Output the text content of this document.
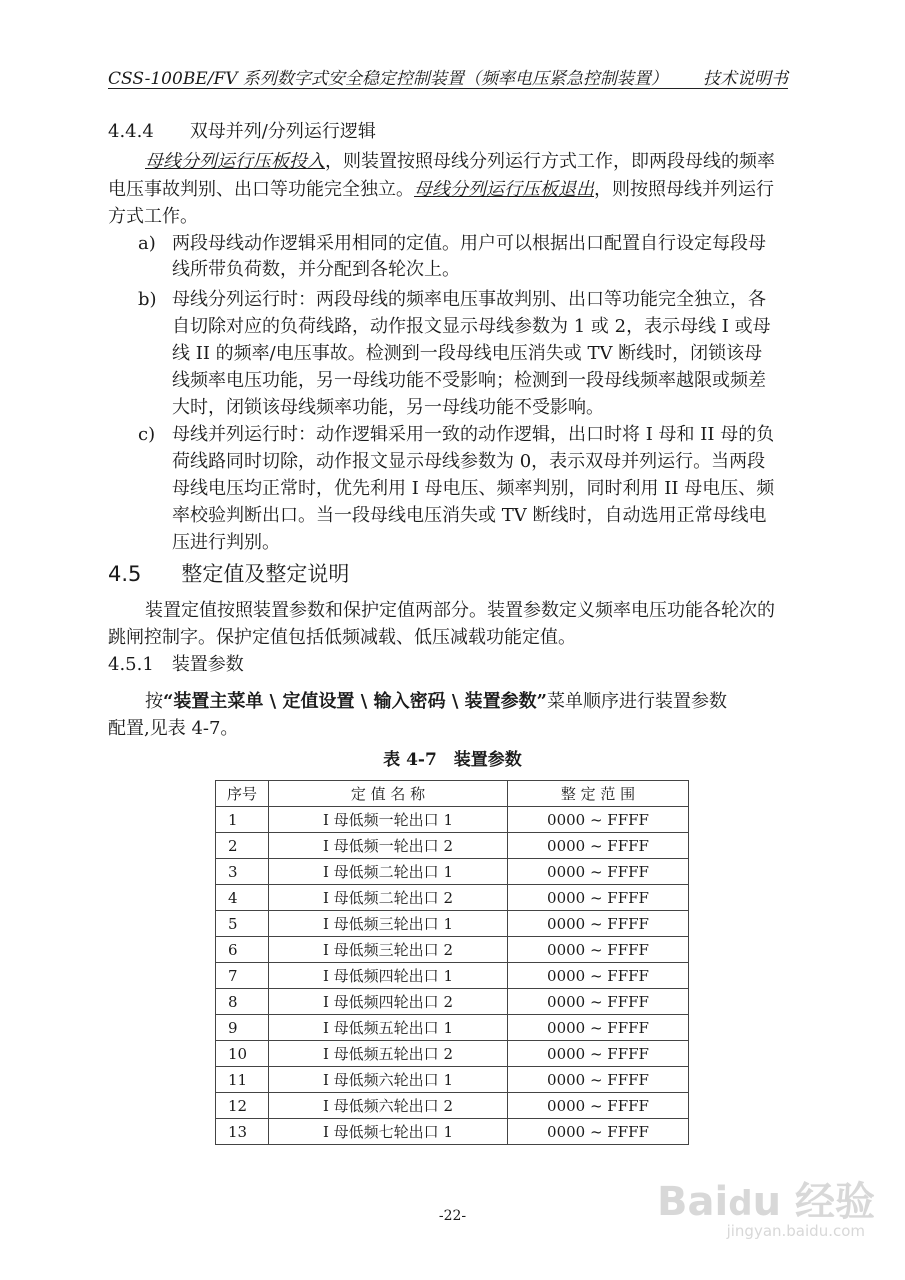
CSS-100BE/FV 系列数字式安全稳定控制装置（频率电压紧急控制装置） 技术说明书
4.4.4 双母并列/分列运行逻辑
母线分列运行压板投入，则装置按照母线分列运行方式工作，即两段母线的频率
电压事故判别、出口等功能完全独立。母线分列运行压板退出，则按照母线并列运行
方式工作。
a) 两段母线动作逻辑采用相同的定值。用户可以根据出口配置自行设定每段母
线所带负荷数，并分配到各轮次上。
b) 母线分列运行时：两段母线的频率电压事故判别、出口等功能完全独立，各
自切除对应的负荷线路，动作报文显示母线参数为 1 或 2，表示母线 I 或母
线 II 的频率/电压事故。检测到一段母线电压消失或 TV 断线时，闭锁该母
线频率电压功能，另一母线功能不受影响；检测到一段母线频率越限或频差
大时，闭锁该母线频率功能，另一母线功能不受影响。
c) 母线并列运行时：动作逻辑采用一致的动作逻辑，出口时将 I 母和 II 母的负
荷线路同时切除，动作报文显示母线参数为 0，表示双母并列运行。当两段
母线电压均正常时，优先利用 I 母电压、频率判别，同时利用 II 母电压、频
率校验判断出口。当一段母线电压消失或 TV 断线时，自动选用正常母线电
压进行判别。
4.5 整定值及整定说明
装置定值按照装置参数和保护定值两部分。装置参数定义频率电压功能各轮次的
跳闸控制字。保护定值包括低频减载、低压减载功能定值。
4.5.1 装置参数
按“装置主菜单 \ 定值设置 \ 输入密码 \ 装置参数”菜单顺序进行装置参数
配置,见表 4-7。
表 4-7　装置参数
序号	定 值 名 称	整 定 范 围
1	I 母低频一轮出口 1	0000 ~ FFFF
2	I 母低频一轮出口 2	0000 ~ FFFF
3	I 母低频二轮出口 1	0000 ~ FFFF
4	I 母低频二轮出口 2	0000 ~ FFFF
5	I 母低频三轮出口 1	0000 ~ FFFF
6	I 母低频三轮出口 2	0000 ~ FFFF
7	I 母低频四轮出口 1	0000 ~ FFFF
8	I 母低频四轮出口 2	0000 ~ FFFF
9	I 母低频五轮出口 1	0000 ~ FFFF
10	I 母低频五轮出口 2	0000 ~ FFFF
11	I 母低频六轮出口 1	0000 ~ FFFF
12	I 母低频六轮出口 2	0000 ~ FFFF
13	I 母低频七轮出口 1	0000 ~ FFFF
-22-	Baidu 经验
jingyan.baidu.com
